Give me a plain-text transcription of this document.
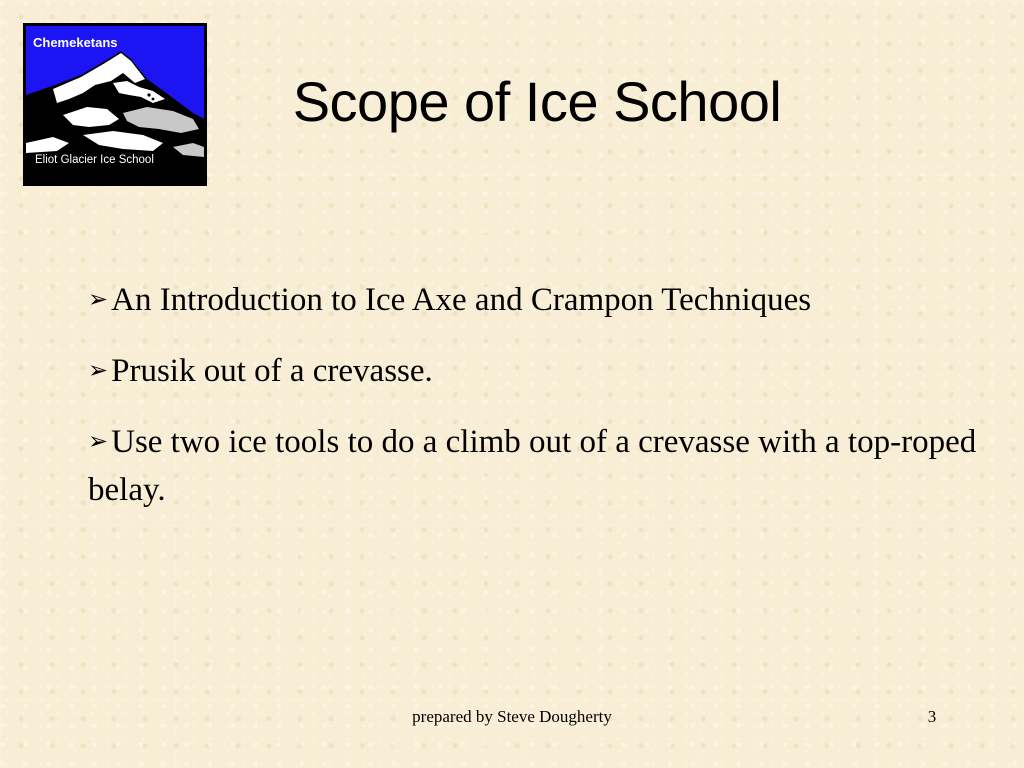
Chemeketans
Eliot Glacier Ice School
Scope of Ice School
➢An Introduction to Ice Axe and Crampon Techniques
➢Prusik out of a crevasse.
➢Use two ice tools to do a climb out of a crevasse with a top-roped belay.
prepared by Steve Dougherty	3
